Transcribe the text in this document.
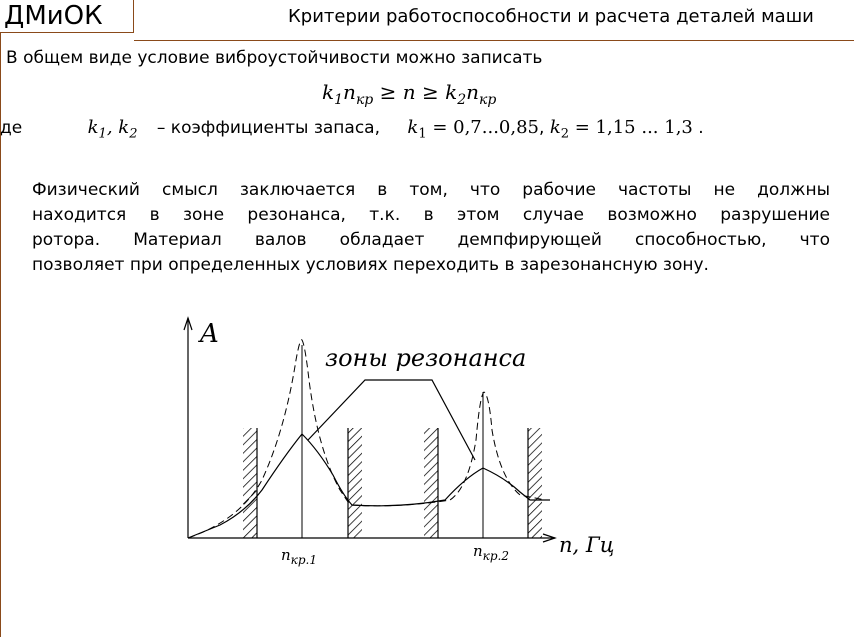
ДМиОК	Критерии работоспособности и расчета деталей маши
В общем виде условие виброустойчивости можно записать
$k_1n_{кр} \ge n \ge k_2n_{кр}$
де	$k_1$, $k_2$ – коэффициенты запаса, $k_1 = 0,7...0,85$, $k_2 = 1,15$ ... 1,3 .
Физический смысл заключается в том, что рабочие частоты не должны
находится в зоне резонанса, т.к. в этом случае возможно разрушение
ротора. Материал валов обладает демпфирующей способностью, что
позволяет при определенных условиях переходить в зарезонансную зону.
A
зоны резонанса
n, Гц
$n_{кр.1}$	$n_{кр.2}$
